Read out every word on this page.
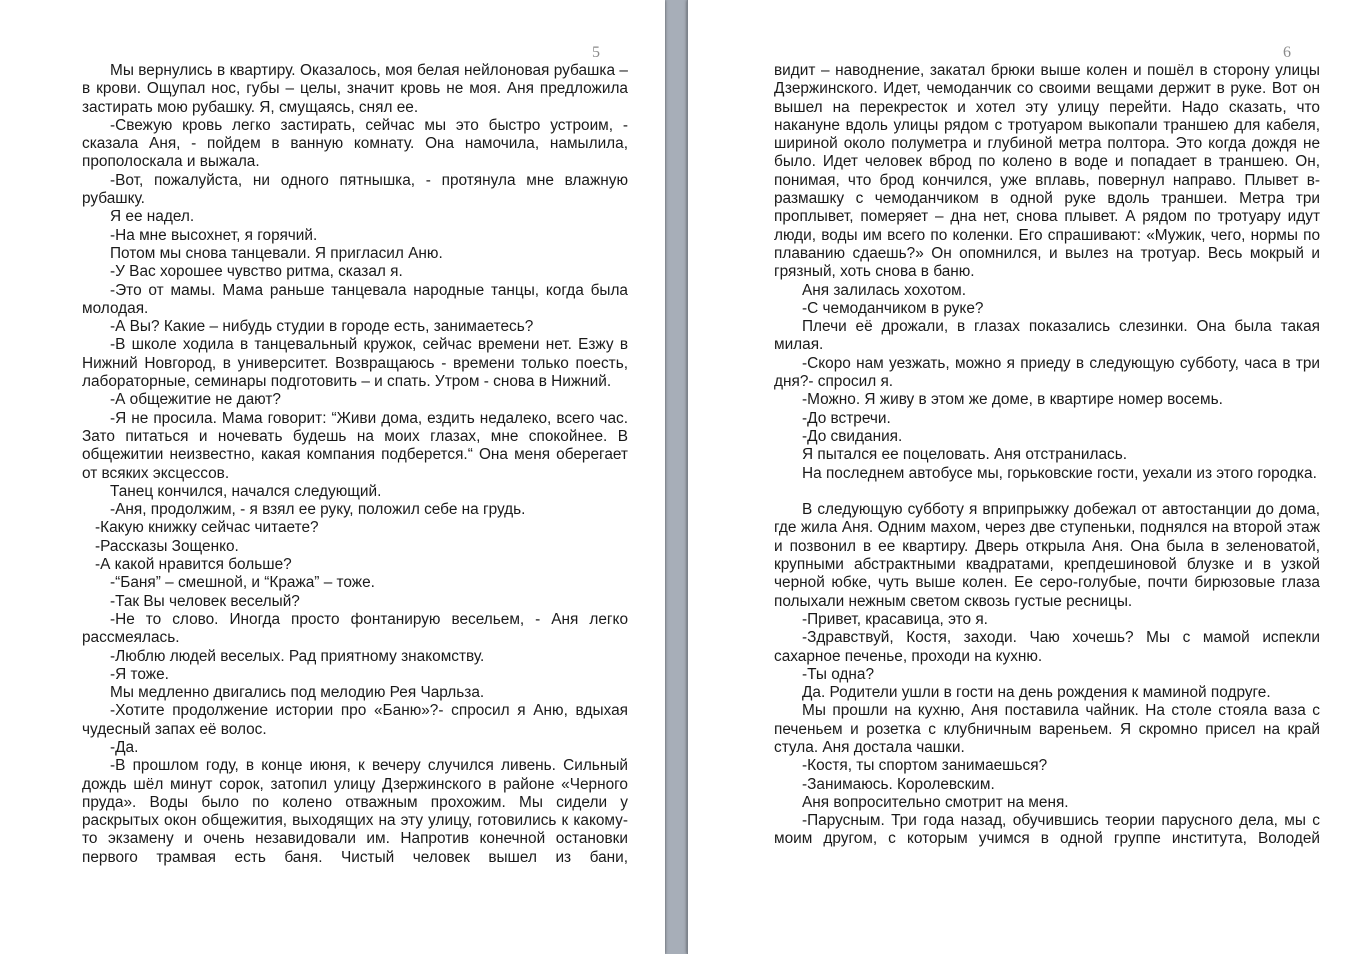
5

Мы вернулись в квартиру. Оказалось, моя белая нейлоновая рубашка – в крови. Ощупал нос, губы – целы, значит кровь не моя. Аня предложила застирать мою рубашку. Я, смущаясь, снял ее.

-Свежую кровь легко застирать, сейчас мы это быстро устроим, - сказала Аня, - пойдем в ванную комнату. Она намочила, намылила, прополоскала и выжала.

-Вот, пожалуйста, ни одного пятнышка, - протянула мне влажную рубашку.

Я ее надел.

-На мне высохнет, я горячий.

Потом мы снова танцевали. Я пригласил Аню.

-У Вас хорошее чувство ритма, сказал я.

-Это от мамы. Мама раньше танцевала народные танцы, когда была молодая.

-А Вы? Какие – нибудь студии в городе есть, занимаетесь?

-В школе ходила в танцевальный кружок, сейчас времени нет. Езжу в Нижний Новгород, в университет. Возвращаюсь - времени только поесть, лабораторные, семинары подготовить – и спать. Утром - снова в Нижний.

-А общежитие не дают?

-Я не просила. Мама говорит: “Живи дома, ездить недалеко, всего час. Зато питаться и ночевать будешь на моих глазах, мне спокойнее. В общежитии неизвестно, какая компания подберется.“ Она меня оберегает от всяких эксцессов.

Танец кончился, начался следующий.

-Аня, продолжим, - я взял ее руку, положил себе на грудь.

-Какую книжку сейчас читаете?

-Рассказы Зощенко.

-А какой нравится больше?

-“Баня” – смешной, и “Кража” – тоже.

-Так Вы человек веселый?

-Не то слово. Иногда просто фонтанирую весельем, - Аня легко рассмеялась.

-Люблю людей веселых. Рад приятному знакомству.

-Я тоже.

Мы медленно двигались под мелодию Рея Чарльза.

-Хотите продолжение истории про «Баню»?- спросил я Аню, вдыхая чудесный запах её волос.

-Да.

-В прошлом году, в конце июня, к вечеру случился ливень. Сильный дождь шёл минут сорок, затопил улицу Дзержинского в районе «Черного пруда». Воды было по колено отважным прохожим. Мы сидели у раскрытых окон общежития, выходящих на эту улицу, готовились к какому-то экзамену и очень незавидовали им. Напротив конечной остановки первого трамвая есть баня. Чистый человек вышел из бани,

6

видит – наводнение, закатал брюки выше колен и пошёл в сторону улицы Дзержинского. Идет, чемоданчик со своими вещами держит в руке. Вот он вышел на перекресток и хотел эту улицу перейти. Надо сказать, что накануне вдоль улицы рядом с тротуаром выкопали траншею для кабеля, шириной около полуметра и глубиной метра полтора. Это когда дождя не было. Идет человек вброд по колено в воде и попадает в траншею. Он, понимая, что брод кончился, уже вплавь, повернул направо. Плывет в-размашку с чемоданчиком в одной руке вдоль траншеи. Метра три проплывет, померяет – дна нет, снова плывет. А рядом по тротуару идут люди, воды им всего по коленки. Его спрашивают: «Мужик, чего, нормы по плаванию сдаешь?» Он опомнился, и вылез на тротуар. Весь мокрый и грязный, хоть снова в баню.

Аня залилась хохотом.

-С чемоданчиком в руке?

Плечи её дрожали, в глазах показались слезинки. Она была такая милая.

-Скоро нам уезжать, можно я приеду в следующую субботу, часа в три дня?- спросил я.

-Можно. Я живу в этом же доме, в квартире номер восемь.

-До встречи.

-До свидания.

Я пытался ее поцеловать. Аня отстранилась.

На последнем автобусе мы, горьковские гости, уехали из этого городка.

В следующую субботу я вприпрыжку добежал от автостанции до дома, где жила Аня. Одним махом, через две ступеньки, поднялся на второй этаж и позвонил в ее квартиру. Дверь открыла Аня. Она была в зеленоватой, крупными абстрактными квадратами, крепдешиновой блузке и в узкой черной юбке, чуть выше колен. Ее серо-голубые, почти бирюзовые глаза полыхали нежным светом сквозь густые ресницы.

-Привет, красавица, это я.

-Здравствуй, Костя, заходи. Чаю хочешь? Мы с мамой испекли сахарное печенье, проходи на кухню.

-Ты одна?

Да. Родители ушли в гости на день рождения к маминой подруге.

Мы прошли на кухню, Аня поставила чайник. На столе стояла ваза с печеньем и розетка с клубничным вареньем. Я скромно присел на край стула. Аня достала чашки.

-Костя, ты спортом занимаешься?

-Занимаюсь. Королевским.

Аня вопросительно смотрит на меня.

-Парусным. Три года назад, обучившись теории парусного дела, мы с моим другом, с которым учимся в одной группе института, Володей
